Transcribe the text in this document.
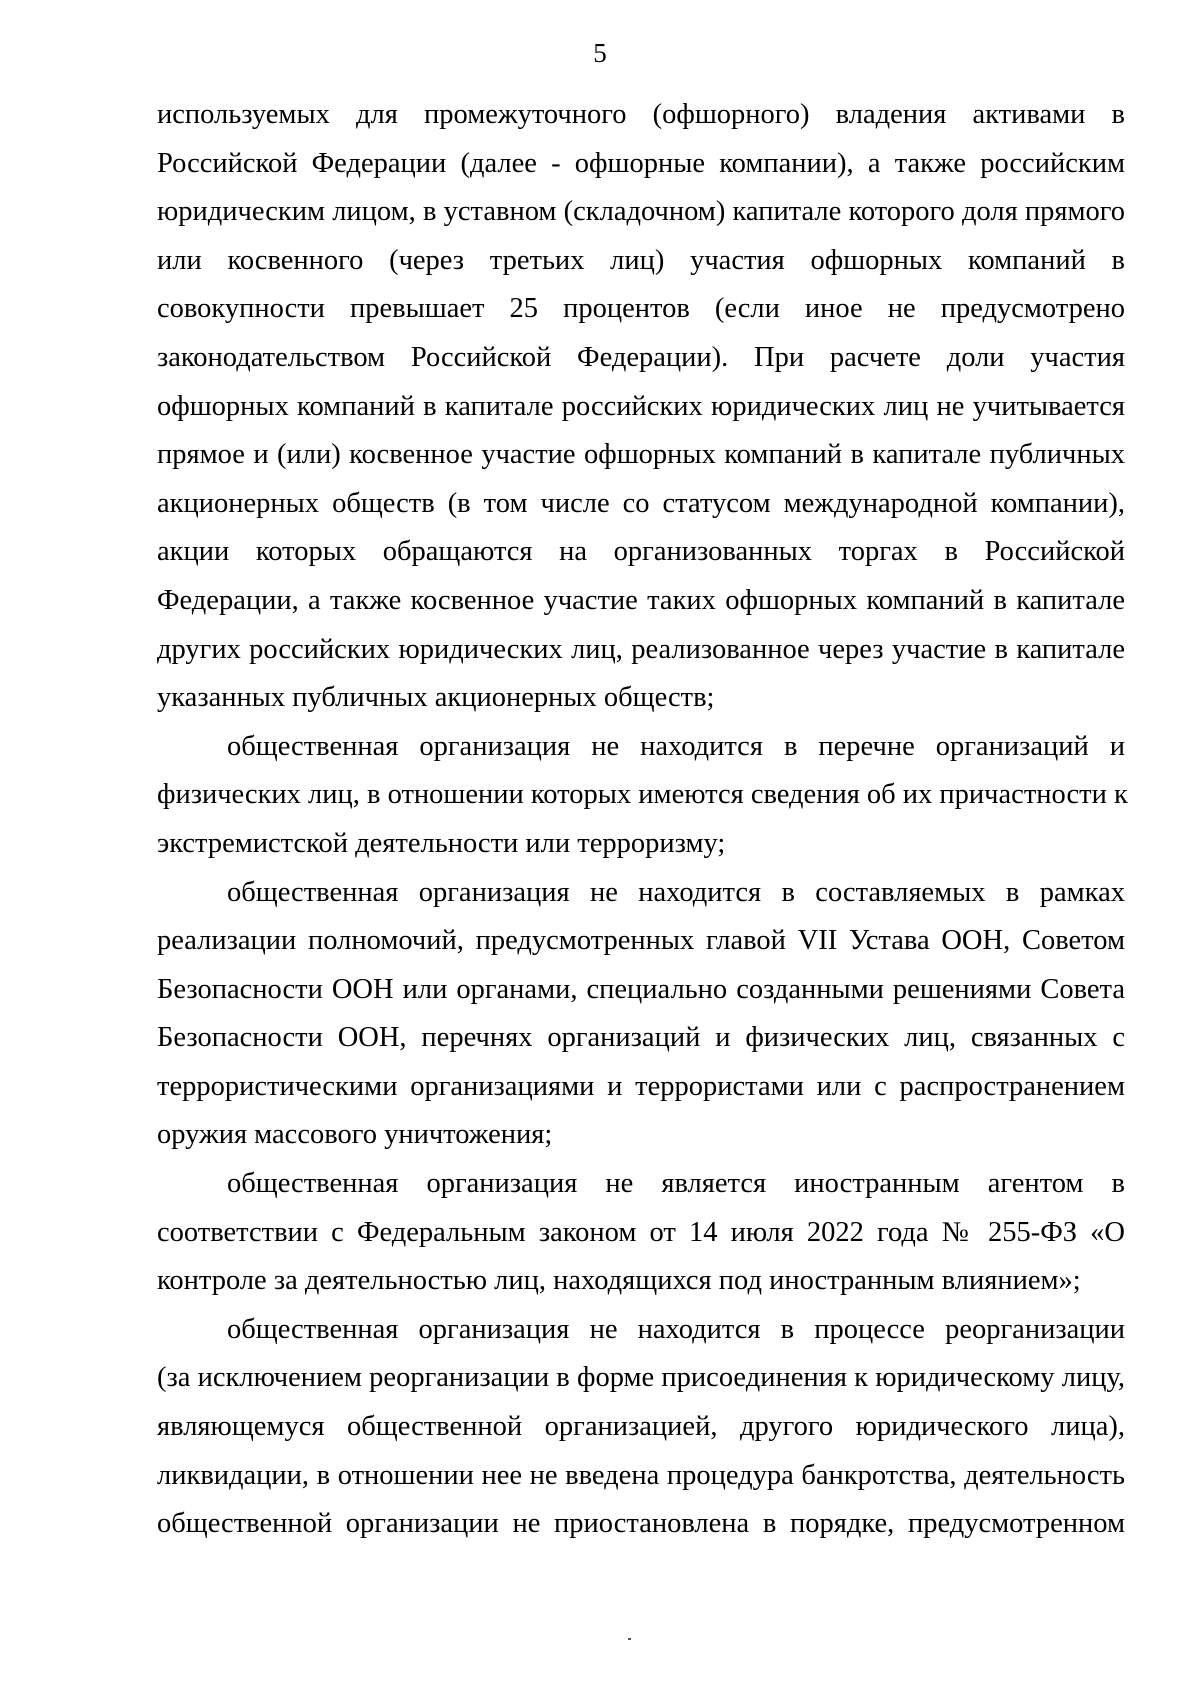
5
используемых для промежуточного (офшорного) владения активами в
Российской Федерации (далее - офшорные компании), а также российским
юридическим лицом, в уставном (складочном) капитале которого доля прямого
или косвенного (через третьих лиц) участия офшорных компаний в
совокупности превышает 25 процентов (если иное не предусмотрено
законодательством Российской Федерации). При расчете доли участия
офшорных компаний в капитале российских юридических лиц не учитывается
прямое и (или) косвенное участие офшорных компаний в капитале публичных
акционерных обществ (в том числе со статусом международной компании),
акции которых обращаются на организованных торгах в Российской
Федерации, а также косвенное участие таких офшорных компаний в капитале
других российских юридических лиц, реализованное через участие в капитале
указанных публичных акционерных обществ;
общественная организация не находится в перечне организаций и
физических лиц, в отношении которых имеются сведения об их причастности к
экстремистской деятельности или терроризму;
общественная организация не находится в составляемых в рамках
реализации полномочий, предусмотренных главой VII Устава ООН, Советом
Безопасности ООН или органами, специально созданными решениями Совета
Безопасности ООН, перечнях организаций и физических лиц, связанных с
террористическими организациями и террористами или с распространением
оружия массового уничтожения;
общественная организация не является иностранным агентом в
соответствии с Федеральным законом от 14 июля 2022 года № 255-ФЗ «О
контроле за деятельностью лиц, находящихся под иностранным влиянием»;
общественная организация не находится в процессе реорганизации
(за исключением реорганизации в форме присоединения к юридическому лицу,
являющемуся общественной организацией, другого юридического лица),
ликвидации, в отношении нее не введена процедура банкротства, деятельность
общественной организации не приостановлена в порядке, предусмотренном
